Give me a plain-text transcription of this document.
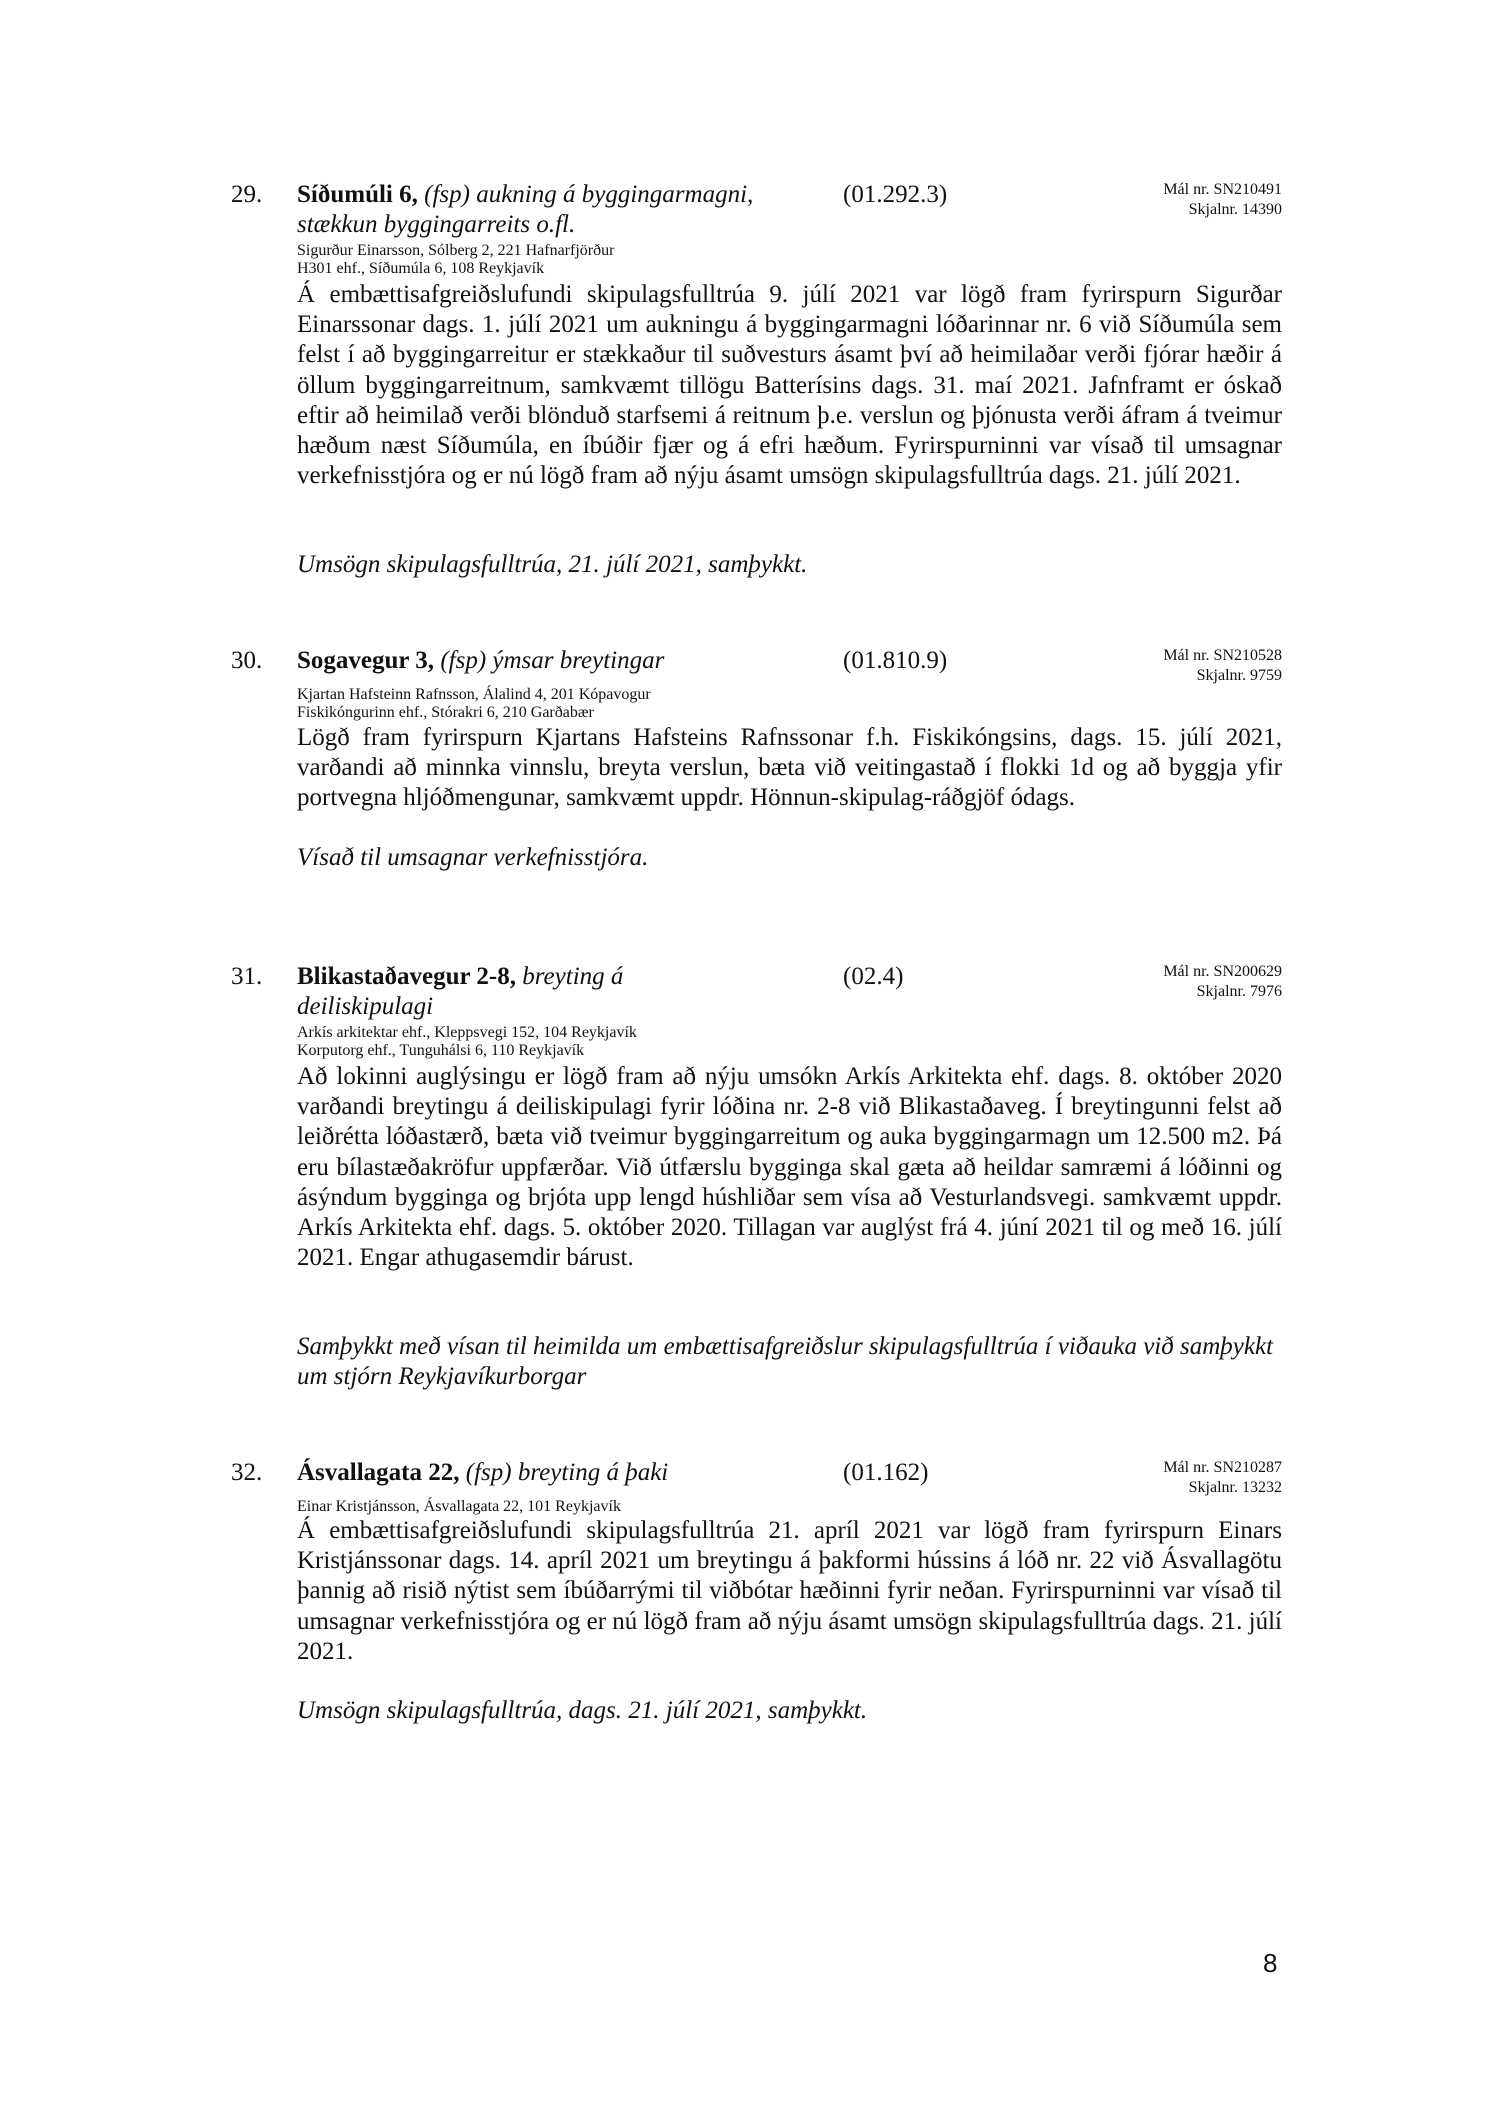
29. Síðumúli 6, (fsp) aukning á byggingarmagni, stækkun byggingarreits o.fl.
(01.292.3)	Mál nr. SN210491
Skjalnr. 14390
Sigurður Einarsson, Sólberg 2, 221 Hafnarfjörður
H301 ehf., Síðumúla 6, 108 Reykjavík
Á embættisafgreiðslufundi skipulagsfulltrúa 9. júlí 2021 var lögð fram fyrirspurn Sigurðar Einarssonar dags. 1. júlí 2021 um aukningu á byggingarmagni lóðarinnar nr. 6 við Síðumúla sem felst í að byggingarreitur er stækkaður til suðvesturs ásamt því að heimilaðar verði fjórar hæðir á öllum byggingarreitnum, samkvæmt tillögu Batterísins dags. 31. maí 2021. Jafnframt er óskað eftir að heimilað verði blönduð starfsemi á reitnum þ.e. verslun og þjónusta verði áfram á tveimur hæðum næst Síðumúla, en íbúðir fjær og á efri hæðum. Fyrirspurninni var vísað til umsagnar verkefnisstjóra og er nú lögð fram að nýju ásamt umsögn skipulagsfulltrúa dags. 21. júlí 2021.
Umsögn skipulagsfulltrúa, 21. júlí 2021, samþykkt.
30. Sogavegur 3, (fsp) ýmsar breytingar	(01.810.9)	Mál nr. SN210528
Skjalnr. 9759
Kjartan Hafsteinn Rafnsson, Álalind 4, 201 Kópavogur
Fiskikóngurinn ehf., Stórakri 6, 210 Garðabær
Lögð fram fyrirspurn Kjartans Hafsteins Rafnssonar f.h. Fiskikóngsins, dags. 15. júlí 2021, varðandi að minnka vinnslu, breyta verslun, bæta við veitingastað í flokki 1d og að byggja yfir portvegna hljóðmengunar, samkvæmt uppdr. Hönnun-skipulag-ráðgjöf ódags.
Vísað til umsagnar verkefnisstjóra.
31. Blikastaðavegur 2-8, breyting á deiliskipulagi
(02.4)	Mál nr. SN200629
Skjalnr. 7976
Arkís arkitektar ehf., Kleppsvegi 152, 104 Reykjavík
Korputorg ehf., Tunguhálsi 6, 110 Reykjavík
Að lokinni auglýsingu er lögð fram að nýju umsókn Arkís Arkitekta ehf. dags. 8. október 2020 varðandi breytingu á deiliskipulagi fyrir lóðina nr. 2-8 við Blikastaðaveg. Í breytingunni felst að leiðrétta lóðastærð, bæta við tveimur byggingarreitum og auka byggingarmagn um 12.500 m2. Þá eru bílastæðakröfur uppfærðar. Við útfærslu bygginga skal gæta að heildar samræmi á lóðinni og ásýndum bygginga og brjóta upp lengd húshliðar sem vísa að Vesturlandsvegi. samkvæmt uppdr. Arkís Arkitekta ehf. dags. 5. október 2020. Tillagan var auglýst frá 4. júní 2021 til og með 16. júlí 2021. Engar athugasemdir bárust.
Samþykkt með vísan til heimilda um embættisafgreiðslur skipulagsfulltrúa í viðauka við samþykkt um stjórn Reykjavíkurborgar
32. Ásvallagata 22, (fsp) breyting á þaki	(01.162)	Mál nr. SN210287
Skjalnr. 13232
Einar Kristjánsson, Ásvallagata 22, 101 Reykjavík
Á embættisafgreiðslufundi skipulagsfulltrúa 21. apríl 2021 var lögð fram fyrirspurn Einars Kristjánssonar dags. 14. apríl 2021 um breytingu á þakformi hússins á lóð nr. 22 við Ásvallagötu þannig að risið nýtist sem íbúðarrými til viðbótar hæðinni fyrir neðan. Fyrirspurninni var vísað til umsagnar verkefnisstjóra og er nú lögð fram að nýju ásamt umsögn skipulagsfulltrúa dags. 21. júlí 2021.
Umsögn skipulagsfulltrúa, dags. 21. júlí 2021, samþykkt.
8
